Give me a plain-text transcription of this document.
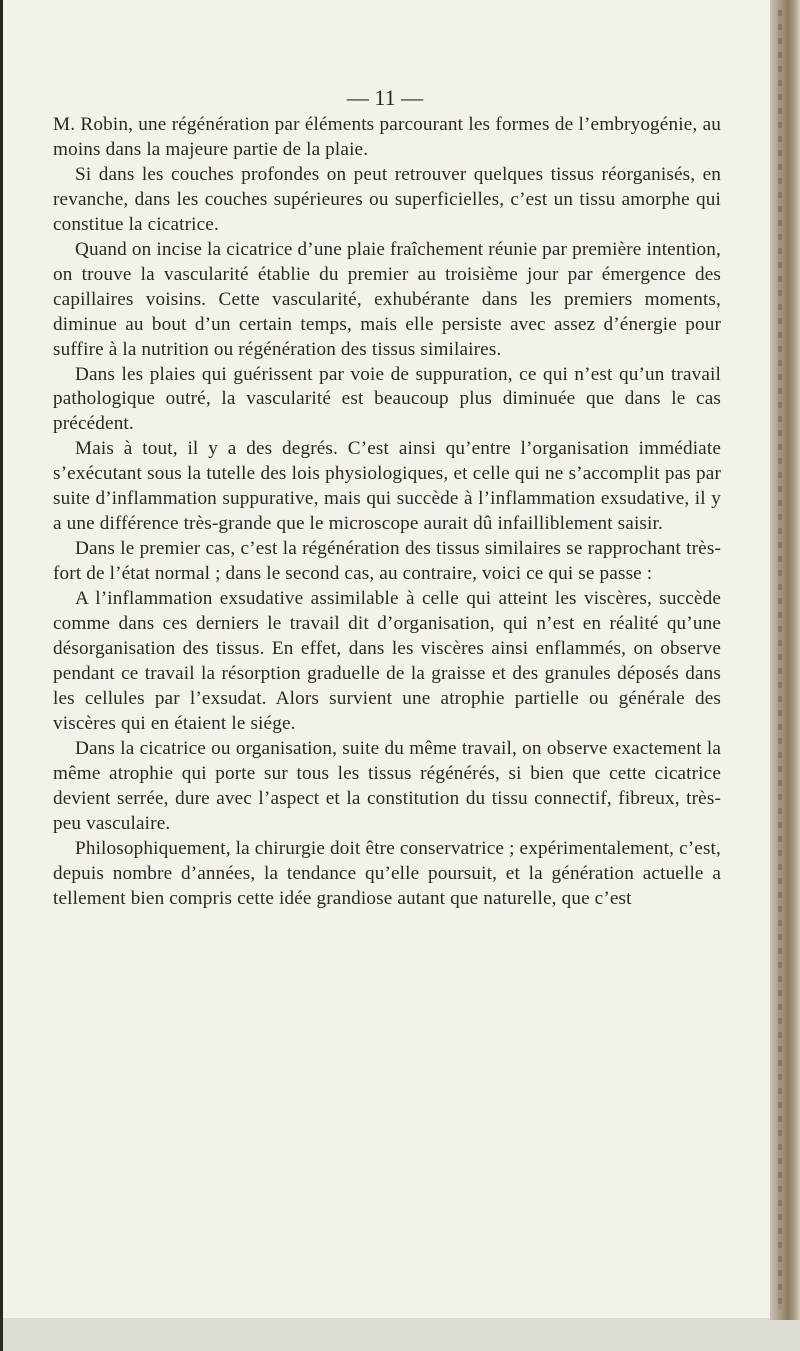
— 11 —

M. Robin, une régénération par éléments parcourant les formes de l’embryogénie, au moins dans la majeure partie de la plaie.

Si dans les couches profondes on peut retrouver quelques tissus réorganisés, en revanche, dans les couches supérieures ou superficielles, c’est un tissu amorphe qui constitue la cicatrice.

Quand on incise la cicatrice d’une plaie fraîchement réunie par première intention, on trouve la vascularité établie du premier au troisième jour par émergence des capillaires voisins. Cette vascularité, exhubérante dans les premiers moments, diminue au bout d’un certain temps, mais elle persiste avec assez d’énergie pour suffire à la nutrition ou régénération des tissus similaires.

Dans les plaies qui guérissent par voie de suppuration, ce qui n’est qu’un travail pathologique outré, la vascularité est beaucoup plus diminuée que dans le cas précédent.

Mais à tout, il y a des degrés. C’est ainsi qu’entre l’organisation immédiate s’exécutant sous la tutelle des lois physiologiques, et celle qui ne s’accomplit pas par suite d’inflammation suppurative, mais qui succède à l’inflammation exsudative, il y a une différence très-grande que le microscope aurait dû infailliblement saisir.

Dans le premier cas, c’est la régénération des tissus similaires se rapprochant très-fort de l’état normal ; dans le second cas, au contraire, voici ce qui se passe :

A l’inflammation exsudative assimilable à celle qui atteint les viscères, succède comme dans ces derniers le travail dit d’organisation, qui n’est en réalité qu’une désorganisation des tissus. En effet, dans les viscères ainsi enflammés, on observe pendant ce travail la résorption graduelle de la graisse et des granules déposés dans les cellules par l’exsudat. Alors survient une atrophie partielle ou générale des viscères qui en étaient le siége.

Dans la cicatrice ou organisation, suite du même travail, on observe exactement la même atrophie qui porte sur tous les tissus régénérés, si bien que cette cicatrice devient serrée, dure avec l’aspect et la constitution du tissu connectif, fibreux, très-peu vasculaire.

Philosophiquement, la chirurgie doit être conservatrice ; expérimentalement, c’est, depuis nombre d’années, la tendance qu’elle poursuit, et la génération actuelle a tellement bien compris cette idée grandiose autant que naturelle, que c’est
